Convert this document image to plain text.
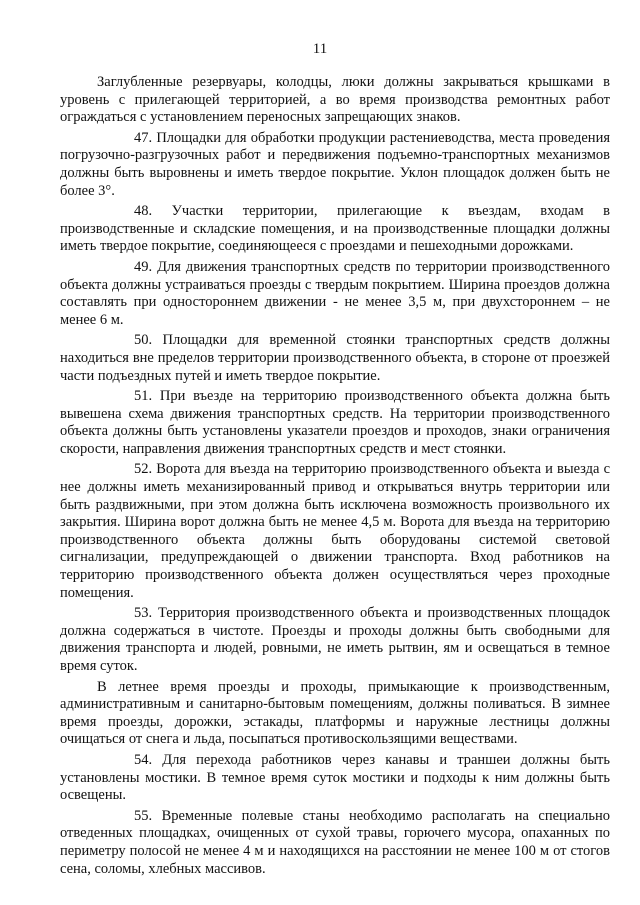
11

Заглубленные резервуары, колодцы, люки должны закрываться крышками в уровень с прилегающей территорией, а во время производства ремонтных работ ограждаться с установлением переносных запрещающих знаков.

47. Площадки для обработки продукции растениеводства, места проведения погрузочно-разгрузочных работ и передвижения подъемно-транспортных механизмов должны быть выровнены и иметь твердое покрытие. Уклон площадок должен быть не более 3°.

48. Участки территории, прилегающие к въездам, входам в производственные и складские помещения, и на производственные площадки должны иметь твердое покрытие, соединяющееся с проездами и пешеходными дорожками.

49. Для движения транспортных средств по территории производственного объекта должны устраиваться проезды с твердым покрытием. Ширина проездов должна составлять при одностороннем движении - не менее 3,5 м, при двухстороннем – не менее 6 м.

50. Площадки для временной стоянки транспортных средств должны находиться вне пределов территории производственного объекта, в стороне от проезжей части подъездных путей и иметь твердое покрытие.

51. При въезде на территорию производственного объекта должна быть вывешена схема движения транспортных средств. На территории производственного объекта должны быть установлены указатели проездов и проходов, знаки ограничения скорости, направления движения транспортных средств и мест стоянки.

52. Ворота для въезда на территорию производственного объекта и выезда с нее должны иметь механизированный привод и открываться внутрь территории или быть раздвижными, при этом должна быть исключена возможность произвольного их закрытия. Ширина ворот должна быть не менее 4,5 м. Ворота для въезда на территорию производственного объекта должны быть оборудованы системой световой сигнализации, предупреждающей о движении транспорта. Вход работников на территорию производственного объекта должен осуществляться через проходные помещения.

53. Территория производственного объекта и производственных площадок должна содержаться в чистоте. Проезды и проходы должны быть свободными для движения транспорта и людей, ровными, не иметь рытвин, ям и освещаться в темное время суток.

В летнее время проезды и проходы, примыкающие к производственным, административным и санитарно-бытовым помещениям, должны поливаться. В зимнее время проезды, дорожки, эстакады, платформы и наружные лестницы должны очищаться от снега и льда, посыпаться противоскользящими веществами.

54. Для перехода работников через канавы и траншеи должны быть установлены мостики. В темное время суток мостики и подходы к ним должны быть освещены.

55. Временные полевые станы необходимо располагать на специально отведенных площадках, очищенных от сухой травы, горючего мусора, опаханных по периметру полосой не менее 4 м и находящихся на расстоянии не менее 100 м от стогов сена, соломы, хлебных массивов.
